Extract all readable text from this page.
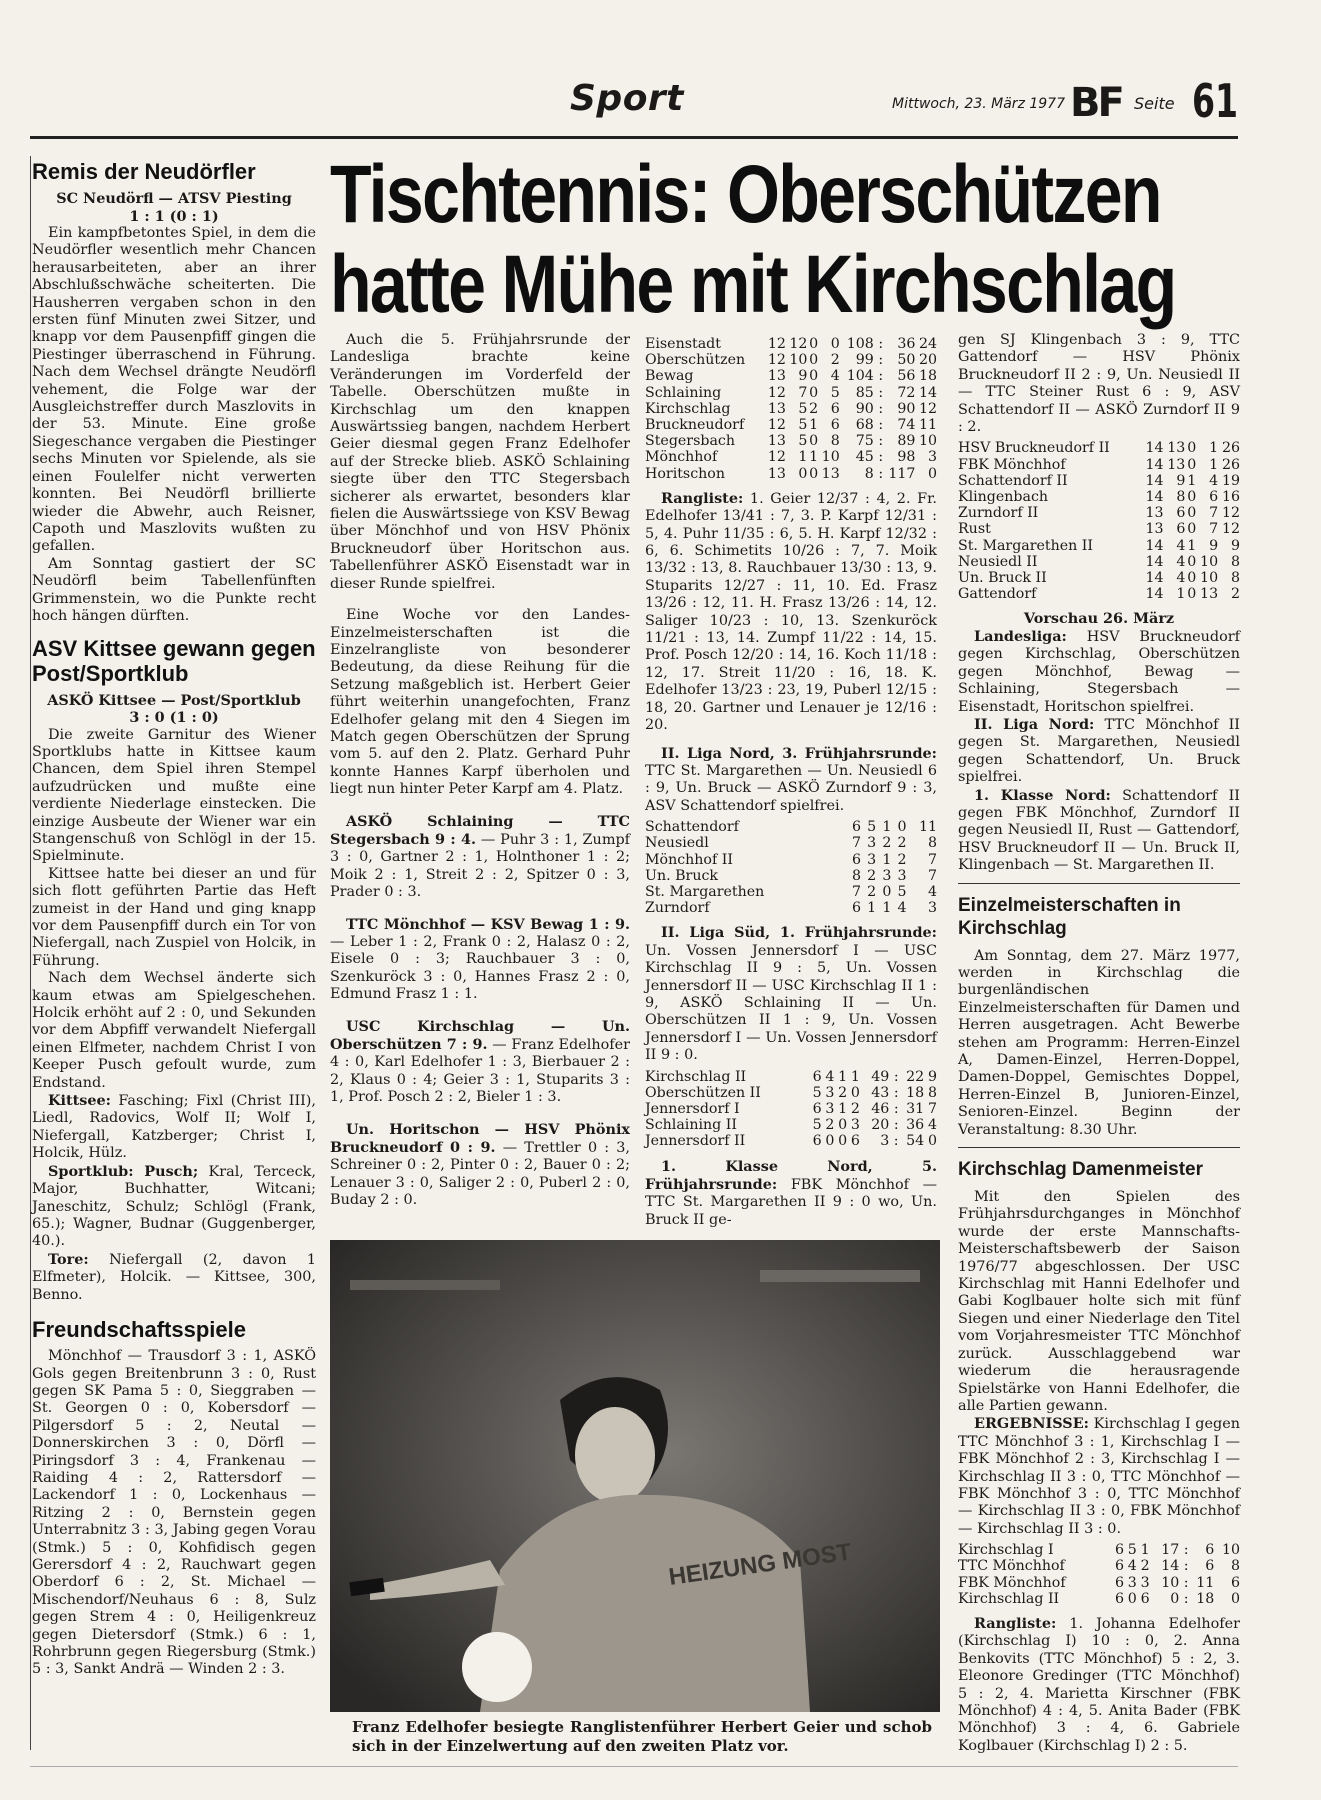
Sport	Mittwoch, 23. März 1977 BF Seite 61
Remis der Neudörfler

SC Neudörfl — ATSV Piesting

1 : 1 (0 : 1)

Ein kampfbetontes Spiel, in dem die Neudörfler wesentlich mehr Chancen herausarbeiteten, aber an ihrer Abschlußschwäche scheiterten. Die Hausherren vergaben schon in den ersten fünf Minuten zwei Sitzer, und knapp vor dem Pausenpfiff gingen die Piestinger überraschend in Führung. Nach dem Wechsel drängte Neudörfl vehement, die Folge war der Ausgleichstreffer durch Maszlovits in der 53. Minute. Eine große Siegeschance vergaben die Piestinger sechs Minuten vor Spielende, als sie einen Foulelfer nicht verwerten konnten. Bei Neudörfl brillierte wieder die Abwehr, auch Reisner, Capoth und Maszlovits wußten zu gefallen.

Am Sonntag gastiert der SC Neudörfl beim Tabellenfünften Grimmenstein, wo die Punkte recht hoch hängen dürften.

ASV Kittsee gewann gegen Post/Sportklub

ASKÖ Kittsee — Post/Sportklub

3 : 0 (1 : 0)

Die zweite Garnitur des Wiener Sportklubs hatte in Kittsee kaum Chancen, dem Spiel ihren Stempel aufzudrücken und mußte eine verdiente Niederlage einstecken. Die einzige Ausbeute der Wiener war ein Stangenschuß von Schlögl in der 15. Spielminute.

Kittsee hatte bei dieser an und für sich flott geführten Partie das Heft zumeist in der Hand und ging knapp vor dem Pausenpfiff durch ein Tor von Niefergall, nach Zuspiel von Holcik, in Führung.

Nach dem Wechsel änderte sich kaum etwas am Spielgeschehen. Holcik erhöht auf 2 : 0, und Sekunden vor dem Abpfiff verwandelt Niefergall einen Elfmeter, nachdem Christ I von Keeper Pusch gefoult wurde, zum Endstand.

Kittsee: Fasching; Fixl (Christ III), Liedl, Radovics, Wolf II; Wolf I, Niefergall, Katzberger; Christ I, Holcik, Hülz.

Sportklub: Pusch; Kral, Terceck, Major, Buchhatter, Witcani; Janeschitz, Schulz; Schlögl (Frank, 65.); Wagner, Budnar (Guggenberger, 40.).

Tore: Niefergall (2, davon 1 Elfmeter), Holcik. — Kittsee, 300, Benno.

Freundschaftsspiele

Mönchhof — Trausdorf 3 : 1, ASKÖ Gols gegen Breitenbrunn 3 : 0, Rust gegen SK Pama 5 : 0, Sieggraben — St. Georgen 0 : 0, Kobersdorf — Pilgersdorf 5 : 2, Neutal — Donnerskirchen 3 : 0, Dörfl — Piringsdorf 3 : 4, Frankenau — Raiding 4 : 2, Rattersdorf — Lackendorf 1 : 0, Lockenhaus — Ritzing 2 : 0, Bernstein gegen Unterrabnitz 3 : 3, Jabing gegen Vorau (Stmk.) 5 : 0, Kohfidisch gegen Gerersdorf 4 : 2, Rauchwart gegen Oberdorf 6 : 2, St. Michael — Mischendorf/Neuhaus 6 : 8, Sulz gegen Strem 4 : 0, Heiligenkreuz gegen Dietersdorf (Stmk.) 6 : 1, Rohrbrunn gegen Riegersburg (Stmk.) 5 : 3, Sankt Andrä — Winden 2 : 3.

Tischtennis: Oberschützen
hatte Mühe mit Kirchschlag

Auch die 5. Frühjahrsrunde der Landesliga brachte keine Veränderungen im Vorderfeld der Tabelle. Oberschützen mußte in Kirchschlag um den knappen Auswärtssieg bangen, nachdem Herbert Geier diesmal gegen Franz Edelhofer auf der Strecke blieb. ASKÖ Schlaining siegte über den TTC Stegersbach sicherer als erwartet, besonders klar fielen die Auswärtssiege von KSV Bewag über Mönchhof und von HSV Phönix Bruckneudorf über Horitschon aus. Tabellenführer ASKÖ Eisenstadt war in dieser Runde spielfrei.

Eine Woche vor den Landes-Einzelmeisterschaften ist die Einzelrangliste von besonderer Bedeutung, da diese Reihung für die Setzung maßgeblich ist. Herbert Geier führt weiterhin unangefochten, Franz Edelhofer gelang mit den 4 Siegen im Match gegen Oberschützen der Sprung vom 5. auf den 2. Platz. Gerhard Puhr konnte Hannes Karpf überholen und liegt nun hinter Peter Karpf am 4. Platz.

ASKÖ Schlaining — TTC Stegersbach 9 : 4. — Puhr 3 : 1, Zumpf 3 : 0, Gartner 2 : 1, Holnthoner 1 : 2; Moik 2 : 1, Streit 2 : 2, Spitzer 0 : 3, Prader 0 : 3.

TTC Mönchhof — KSV Bewag 1 : 9. — Leber 1 : 2, Frank 0 : 2, Halasz 0 : 2, Eisele 0 : 3; Rauchbauer 3 : 0, Szenkuröck 3 : 0, Hannes Frasz 2 : 0, Edmund Frasz 1 : 1.

USC Kirchschlag — Un. Oberschützen 7 : 9. — Franz Edelhofer 4 : 0, Karl Edelhofer 1 : 3, Bierbauer 2 : 2, Klaus 0 : 4; Geier 3 : 1, Stuparits 3 : 1, Prof. Posch 2 : 2, Bieler 1 : 3.

Un. Horitschon — HSV Phönix Bruckneudorf 0 : 9. — Trettler 0 : 3, Schreiner 0 : 2, Pinter 0 : 2, Bauer 0 : 2; Lenauer 3 : 0, Saliger 2 : 0, Puberl 2 : 0, Buday 2 : 0.

Eisenstadt	12	12	0	0	108 :	36	24
Oberschützen	12	10	0	2	99 :	50	20
Bewag	13	9	0	4	104 :	56	18
Schlaining	12	7	0	5	85 :	72	14
Kirchschlag	13	5	2	6	90 :	90	12
Bruckneudorf	12	5	1	6	68 :	74	11
Stegersbach	13	5	0	8	75 :	89	10
Mönchhof	12	1	1	10	45 :	98	3
Horitschon	13	0	0	13	8 :	117	0

Rangliste: 1. Geier 12/37 : 4, 2. Fr. Edelhofer 13/41 : 7, 3. P. Karpf 12/31 : 5, 4. Puhr 11/35 : 6, 5. H. Karpf 12/32 : 6, 6. Schimetits 10/26 : 7, 7. Moik 13/32 : 13, 8. Rauchbauer 13/30 : 13, 9. Stuparits 12/27 : 11, 10. Ed. Frasz 13/26 : 12, 11. H. Frasz 13/26 : 14, 12. Saliger 10/23 : 10, 13. Szenkuröck 11/21 : 13, 14. Zumpf 11/22 : 14, 15. Prof. Posch 12/20 : 14, 16. Koch 11/18 : 12, 17. Streit 11/20 : 16, 18. K. Edelhofer 13/23 : 23, 19, Puberl 12/15 : 18, 20. Gartner und Lenauer je 12/16 : 20.

II. Liga Nord, 3. Frühjahrsrunde: TTC St. Margarethen — Un. Neusiedl 6 : 9, Un. Bruck — ASKÖ Zurndorf 9 : 3, ASV Schattendorf spielfrei.

Schattendorf	6	5	1	0	11
Neusiedl	7	3	2	2	8
Mönchhof II	6	3	1	2	7
Un. Bruck	8	2	3	3	7
St. Margarethen	7	2	0	5	4
Zurndorf	6	1	1	4	3

II. Liga Süd, 1. Frühjahrsrunde: Un. Vossen Jennersdorf I — USC Kirchschlag II 9 : 5, Un. Vossen Jennersdorf II — USC Kirchschlag II 1 : 9, ASKÖ Schlaining II — Un. Oberschützen II 1 : 9, Un. Vossen Jennersdorf I — Un. Vossen Jennersdorf II 9 : 0.

Kirchschlag II	6	4	1	1	49 :	22	9
Oberschützen II	5	3	2	0	43 :	18	8
Jennersdorf I	6	3	1	2	46 :	31	7
Schlaining II	5	2	0	3	20 :	36	4
Jennersdorf II	6	0	0	6	3 :	54	0

1. Klasse Nord, 5. Frühjahrsrunde: FBK Mönchhof — TTC St. Margarethen II 9 : 0 wo, Un. Bruck II ge-

gen SJ Klingenbach 3 : 9, TTC Gattendorf — HSV Phönix Bruckneudorf II 2 : 9, Un. Neusiedl II — TTC Steiner Rust 6 : 9, ASV Schattendorf II — ASKÖ Zurndorf II 9 : 2.

HSV Bruckneudorf II	14	13	0	1	26
FBK Mönchhof	14	13	0	1	26
Schattendorf II	14	9	1	4	19
Klingenbach	14	8	0	6	16
Zurndorf II	13	6	0	7	12
Rust	13	6	0	7	12
St. Margarethen II	14	4	1	9	9
Neusiedl II	14	4	0	10	8
Un. Bruck II	14	4	0	10	8
Gattendorf	14	1	0	13	2

Vorschau 26. März

Landesliga: HSV Bruckneudorf gegen Kirchschlag, Oberschützen gegen Mönchhof, Bewag — Schlaining, Stegersbach — Eisenstadt, Horitschon spielfrei.

II. Liga Nord: TTC Mönchhof II gegen St. Margarethen, Neusiedl gegen Schattendorf, Un. Bruck spielfrei.

1. Klasse Nord: Schattendorf II gegen FBK Mönchhof, Zurndorf II gegen Neusiedl II, Rust — Gattendorf, HSV Bruckneudorf II — Un. Bruck II, Klingenbach — St. Margarethen II.

Einzelmeisterschaften in Kirchschlag

Am Sonntag, dem 27. März 1977, werden in Kirchschlag die burgenländischen Einzelmeisterschaften für Damen und Herren ausgetragen. Acht Bewerbe stehen am Programm: Herren-Einzel A, Damen-Einzel, Herren-Doppel, Damen-Doppel, Gemischtes Doppel, Herren-Einzel B, Junioren-Einzel, Senioren-Einzel. Beginn der Veranstaltung: 8.30 Uhr.

Kirchschlag Damenmeister

Mit den Spielen des Frühjahrsdurchganges in Mönchhof wurde der erste Mannschafts-Meisterschaftsbewerb der Saison 1976/77 abgeschlossen. Der USC Kirchschlag mit Hanni Edelhofer und Gabi Koglbauer holte sich mit fünf Siegen und einer Niederlage den Titel vom Vorjahresmeister TTC Mönchhof zurück. Ausschlaggebend war wiederum die herausragende Spielstärke von Hanni Edelhofer, die alle Partien gewann.

ERGEBNISSE: Kirchschlag I gegen TTC Mönchhof 3 : 1, Kirchschlag I — FBK Mönchhof 2 : 3, Kirchschlag I — Kirchschlag II 3 : 0, TTC Mönchhof — FBK Mönchhof 3 : 0, TTC Mönchhof — Kirchschlag II 3 : 0, FBK Mönchhof — Kirchschlag II 3 : 0.

Kirchschlag I	6	5	1	17 :	6	10
TTC Mönchhof	6	4	2	14 :	6	8
FBK Mönchhof	6	3	3	10 :	11	6
Kirchschlag II	6	0	6	0 :	18	0

Rangliste: 1. Johanna Edelhofer (Kirchschlag I) 10 : 0, 2. Anna Benkovits (TTC Mönchhof) 5 : 2, 3. Eleonore Gredinger (TTC Mönchhof) 5 : 2, 4. Marietta Kirschner (FBK Mönchhof) 4 : 4, 5. Anita Bader (FBK Mönchhof) 3 : 4, 6. Gabriele Koglbauer (Kirchschlag I) 2 : 5.

HEIZUNG MOST
Franz Edelhofer besiegte Ranglistenführer Herbert Geier und schob sich in der Einzelwertung auf den zweiten Platz vor.
